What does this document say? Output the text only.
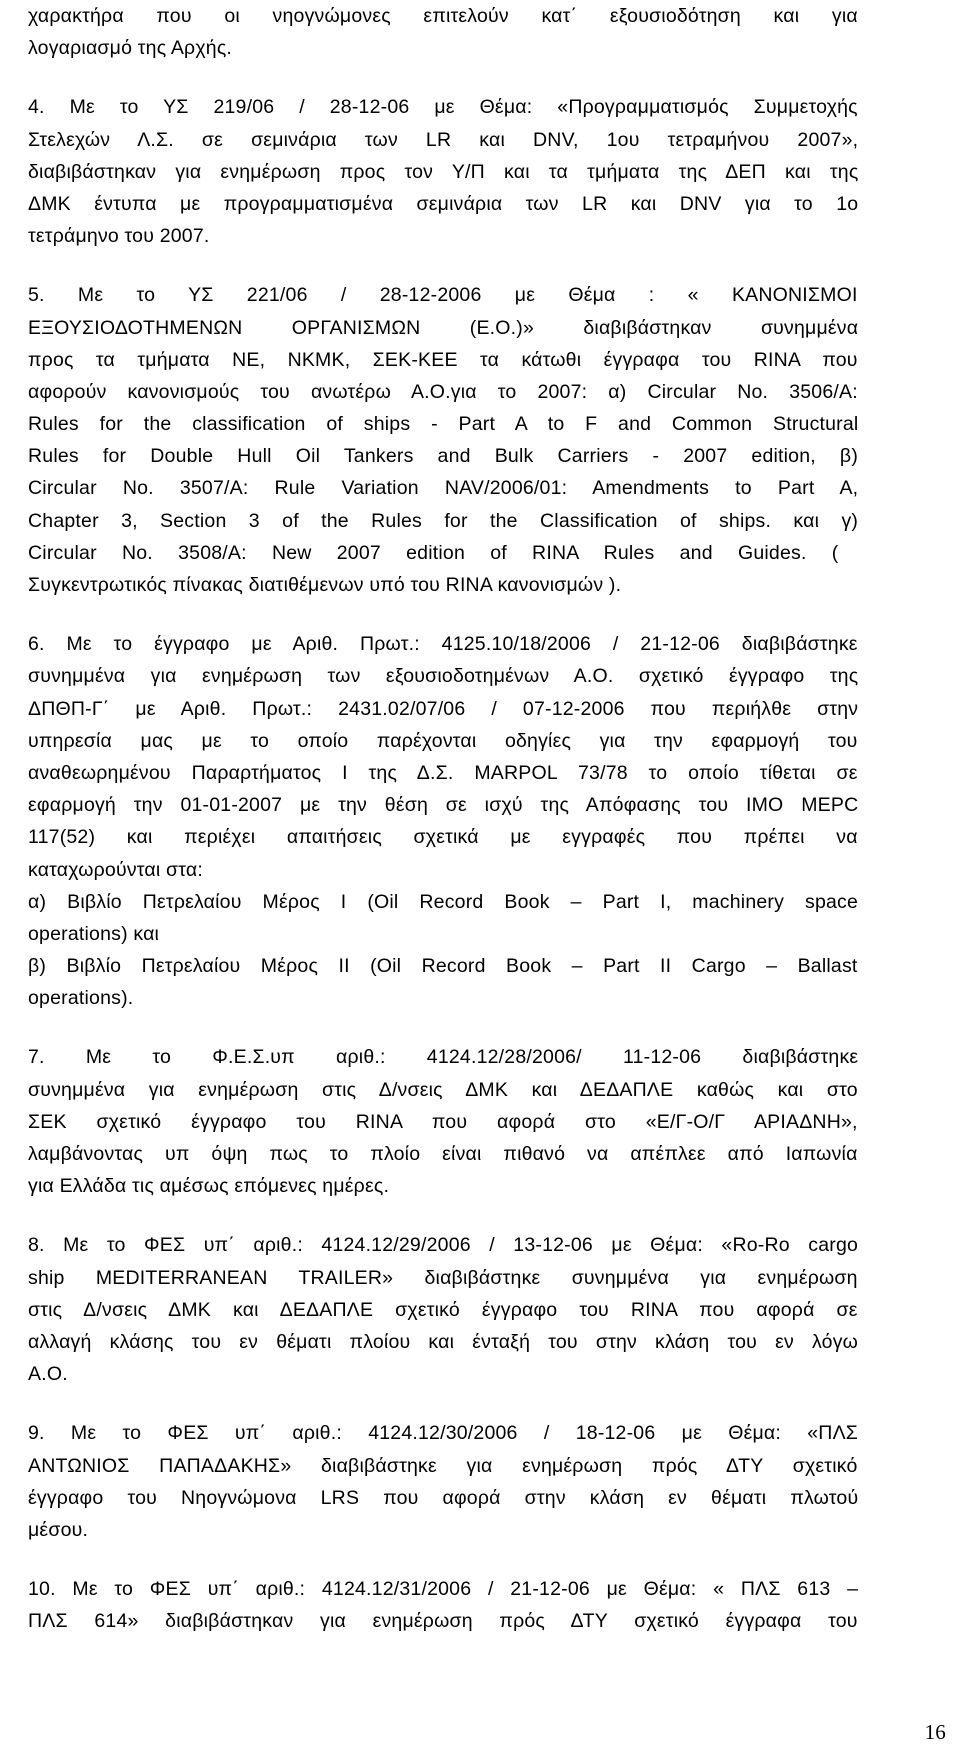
χαρακτήρα που οι νηογνώμονες επιτελούν κατ΄ εξουσιοδότηση και για
λογαριασμό της Αρχής.
4. Με το ΥΣ 219/06 / 28-12-06 με Θέμα: «Προγραμματισμός Συμμετοχής
Στελεχών Λ.Σ. σε σεμινάρια των LR και DNV, 1ου τετραμήνου 2007»,
διαβιβάστηκαν για ενημέρωση προς τον Υ/Π και τα τμήματα της ΔΕΠ και της
ΔΜΚ έντυπα με προγραμματισμένα σεμινάρια των LR και DNV για το 1ο
τετράμηνο του 2007.
5. Με το ΥΣ 221/06 / 28-12-2006 με Θέμα : « ΚΑΝΟΝΙΣΜΟΙ
ΕΞΟΥΣΙΟΔΟΤΗΜΕΝΩΝ ΟΡΓΑΝΙΣΜΩΝ (Ε.Ο.)» διαβιβάστηκαν συνημμένα
προς τα τμήματα ΝΕ, ΝΚΜΚ, ΣΕΚ-ΚΕΕ τα κάτωθι έγγραφα του RINA που
αφορούν κανονισμούς του ανωτέρω Α.Ο.για το 2007: α) Circular No. 3506/A:
Rules for the classification of ships - Part A to F and Common Structural
Rules for Double Hull Oil Tankers and Bulk Carriers - 2007 edition, β)
Circular No. 3507/A: Rule Variation NAV/2006/01: Amendments to Part A,
Chapter 3, Section 3 of the Rules for the Classification of ships. και γ)
Circular No. 3508/A: New 2007 edition of RINA Rules and Guides. (
Συγκεντρωτικός πίνακας διατιθέμενων υπό του RINA κανονισμών ).
6. Με το έγγραφο με Αριθ. Πρωτ.: 4125.10/18/2006 / 21-12-06 διαβιβάστηκε
συνημμένα για ενημέρωση των εξουσιοδοτημένων Α.Ο. σχετικό έγγραφο της
ΔΠΘΠ-Γ΄ με Αριθ. Πρωτ.: 2431.02/07/06 / 07-12-2006 που περιήλθε στην
υπηρεσία μας με το οποίο παρέχονται οδηγίες για την εφαρμογή του
αναθεωρημένου Παραρτήματος Ι της Δ.Σ. MARPOL 73/78 το οποίο τίθεται σε
εφαρμογή την 01-01-2007 με την θέση σε ισχύ της Απόφασης του ΙΜΟ ΜΕPC
117(52) και περιέχει απαιτήσεις σχετικά με εγγραφές που πρέπει να
καταχωρούνται στα:
α) Βιβλίο Πετρελαίου Μέρος Ι (Oil Record Book – Part I, machinery space
operations) και
β) Βιβλίο Πετρελαίου Μέρος ΙΙ (Oil Record Book – Part II Cargo – Ballast
operations).
7. Με το Φ.Ε.Σ.υπ αριθ.: 4124.12/28/2006/ 11-12-06 διαβιβάστηκε
συνημμένα για ενημέρωση στις Δ/νσεις ΔΜΚ και ΔΕΔΑΠΛΕ καθώς και στο
ΣΕΚ σχετικό έγγραφο του RINA που αφορά στο «Ε/Γ-Ο/Γ ΑΡΙΑΔΝΗ»,
λαμβάνοντας υπ όψη πως το πλοίο είναι πιθανό να απέπλεε από Ιαπωνία
για Ελλάδα τις αμέσως επόμενες ημέρες.
8. Με το ΦΕΣ υπ΄ αριθ.: 4124.12/29/2006 / 13-12-06 με Θέμα: «Ro-Ro cargo
ship MEDITERRANEAN TRAILER» διαβιβάστηκε συνημμένα για ενημέρωση
στις Δ/νσεις ΔΜΚ και ΔΕΔΑΠΛΕ σχετικό έγγραφο του RINA που αφορά σε
αλλαγή κλάσης του εν θέματι πλοίου και ένταξή του στην κλάση του εν λόγω
Α.Ο.
9. Με το ΦΕΣ υπ΄ αριθ.: 4124.12/30/2006 / 18-12-06 με Θέμα: «ΠΛΣ
ΑΝΤΩΝΙΟΣ ΠΑΠΑΔΑΚΗΣ» διαβιβάστηκε για ενημέρωση πρός ΔΤΥ σχετικό
έγγραφο του Νηογνώμονα LRS που αφορά στην κλάση εν θέματι πλωτού
μέσου.
10. Με το ΦΕΣ υπ΄ αριθ.: 4124.12/31/2006 / 21-12-06 με Θέμα: « ΠΛΣ 613 –
ΠΛΣ 614» διαβιβάστηκαν για ενημέρωση πρός ΔΤΥ σχετικό έγγραφα του
16
